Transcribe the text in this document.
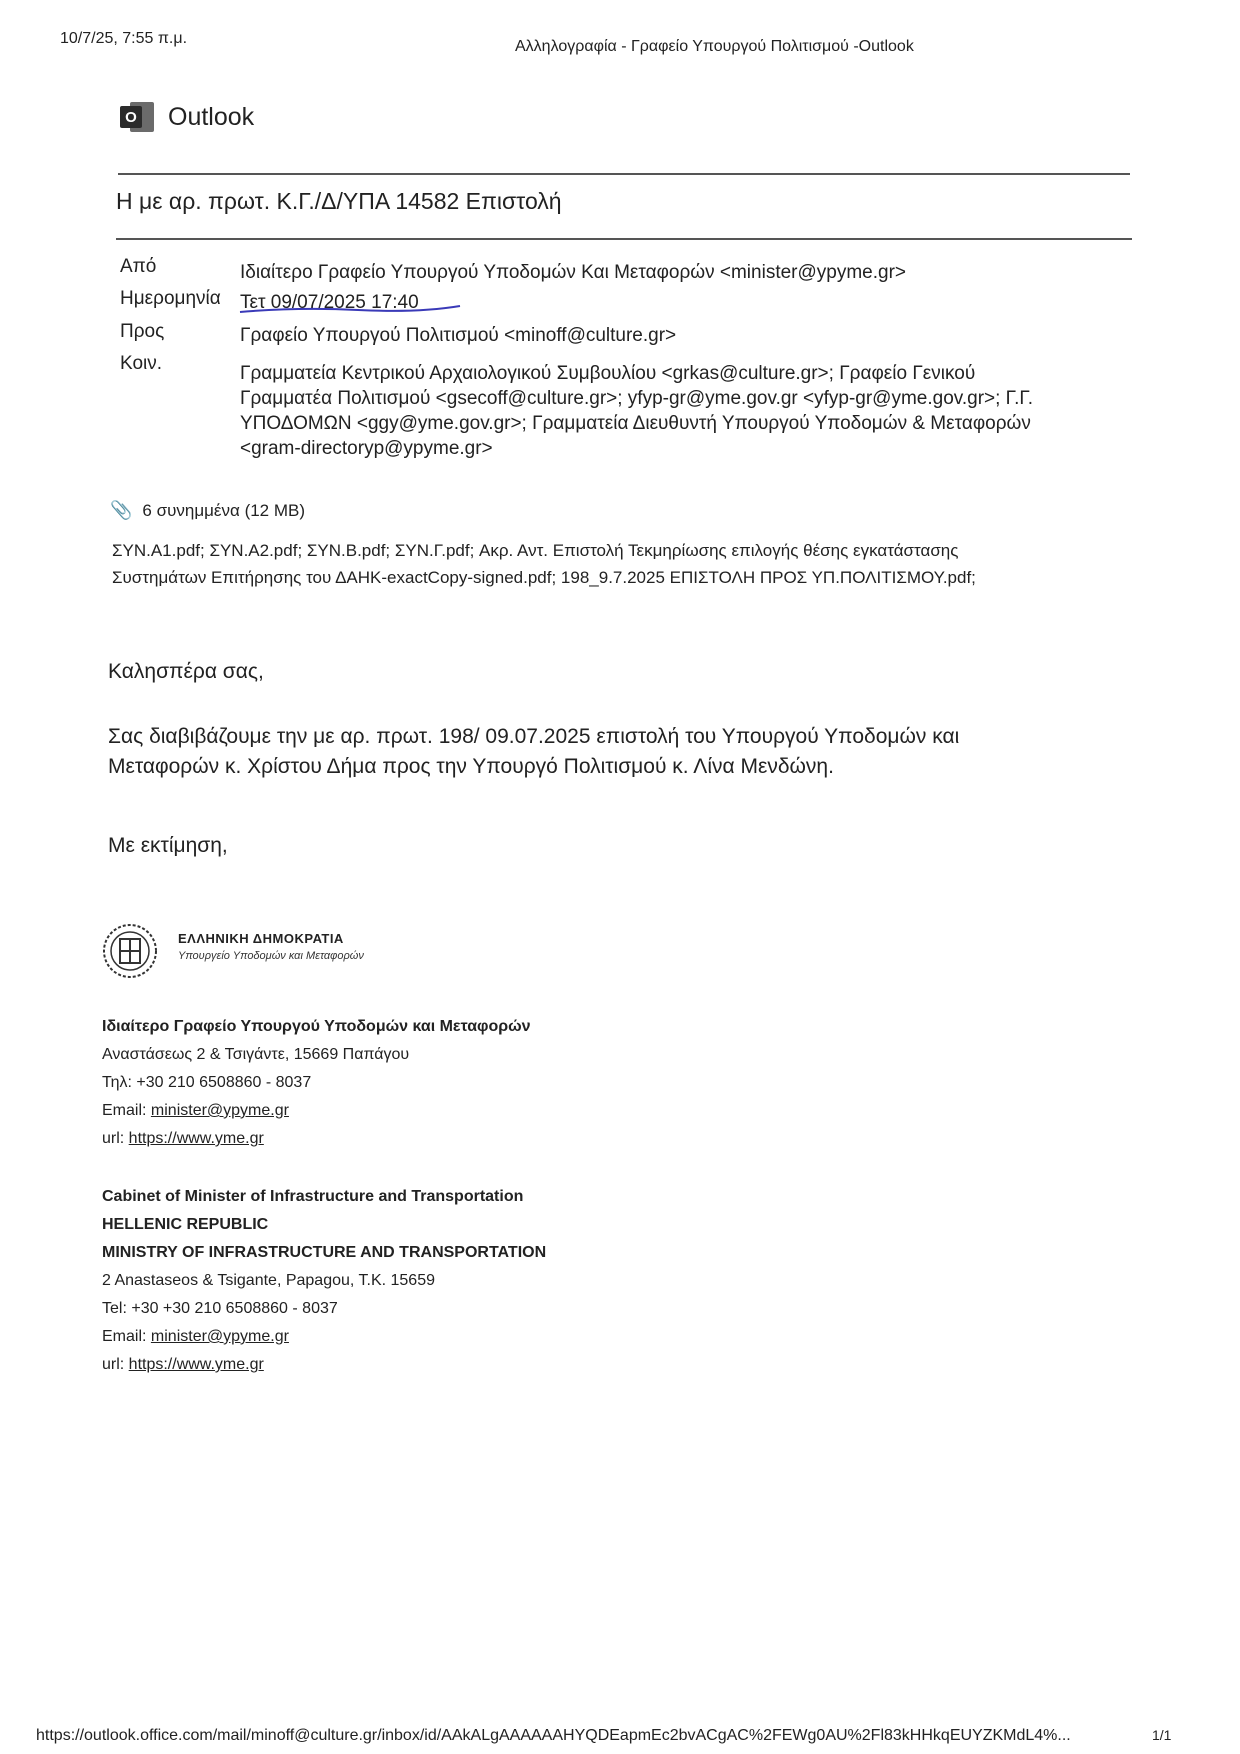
10/7/25, 7:55 π.μ.	Αλληλογραφία - Γραφείο Υπουργού Πολιτισμού -Outlook
O Outlook
Η με αρ. πρωτ. Κ.Γ./Δ/ΥΠΑ 14582 Επιστολή
Από	Ιδιαίτερο Γραφείο Υπουργού Υποδομών Και Μεταφορών <minister@ypyme.gr>
Ημερομηνία Τετ 09/07/2025 17:40
Προς	Γραφείο Υπουργού Πολιτισμού <minoff@culture.gr>
Κοιν.	Γραμματεία Κεντρικού Αρχαιολογικού Συμβουλίου <grkas@culture.gr>; Γραφείο Γενικού
Γραμματέα Πολιτισμού <gsecoff@culture.gr>; yfyp-gr@yme.gov.gr <yfyp-gr@yme.gov.gr>; Γ.Γ.
ΥΠΟΔΟΜΩΝ <ggy@yme.gov.gr>; Γραμματεία Διευθυντή Υπουργού Υποδομών & Μεταφορών
<gram-directoryp@ypyme.gr>
📎 6 συνημμένα (12 MB)
ΣΥΝ.Α1.pdf; ΣΥΝ.Α2.pdf; ΣΥΝ.Β.pdf; ΣΥΝ.Γ.pdf; Ακρ. Αντ. Επιστολή Τεκμηρίωσης επιλογής θέσης εγκατάστασης
Συστημάτων Επιτήρησης του ΔΑΗΚ-exactCopy-signed.pdf; 198_9.7.2025 ΕΠΙΣΤΟΛΗ ΠΡΟΣ ΥΠ.ΠΟΛΙΤΙΣΜΟΥ.pdf;
Καλησπέρα σας,
Σας διαβιβάζουμε την με αρ. πρωτ. 198/ 09.07.2025 επιστολή του Υπουργού Υποδομών και
Μεταφορών κ. Χρίστου Δήμα προς την Υπουργό Πολιτισμού κ. Λίνα Μενδώνη.
Με εκτίμηση,
ΕΛΛΗΝΙΚΗ ΔΗΜΟΚΡΑΤΙΑ
Υπουργείο Υποδομών και Μεταφορών
Ιδιαίτερο Γραφείο Υπουργού Υποδομών και Μεταφορών
Αναστάσεως 2 & Τσιγάντε, 15669 Παπάγου
Τηλ: +30 210 6508860 - 8037
Email: minister@ypyme.gr
url: https://www.yme.gr
Cabinet of Minister of Infrastructure and Transportation
HELLENIC REPUBLIC
MINISTRY OF INFRASTRUCTURE AND TRANSPORTATION
2 Anastaseos & Tsigante, Papagou, T.K. 15659
Tel: +30 +30 210 6508860 - 8037
Email: minister@ypyme.gr
url: https://www.yme.gr
https://outlook.office.com/mail/minoff@culture.gr/inbox/id/AAkALgAAAAAAHYQDEapmEc2bvACgAC%2FEWg0AU%2Fl83kHHkqEUYZKMdL4%...	1/1
